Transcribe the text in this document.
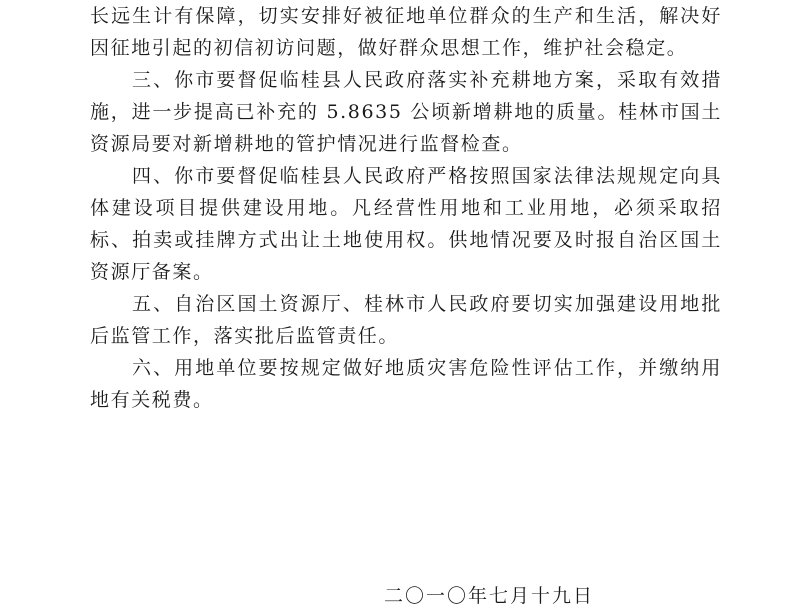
长远生计有保障，切实安排好被征地单位群众的生产和生活，解决好因征地引起的初信初访问题，做好群众思想工作，维护社会稳定。

三、你市要督促临桂县人民政府落实补充耕地方案，采取有效措施，进一步提高已补充的 5.8635 公顷新增耕地的质量。桂林市国土资源局要对新增耕地的管护情况进行监督检查。

四、你市要督促临桂县人民政府严格按照国家法律法规规定向具体建设项目提供建设用地。凡经营性用地和工业用地，必须采取招标、拍卖或挂牌方式出让土地使用权。供地情况要及时报自治区国土资源厅备案。

五、自治区国土资源厅、桂林市人民政府要切实加强建设用地批后监管工作，落实批后监管责任。

六、用地单位要按规定做好地质灾害危险性评估工作，并缴纳用地有关税费。

二〇一〇年七月十九日
